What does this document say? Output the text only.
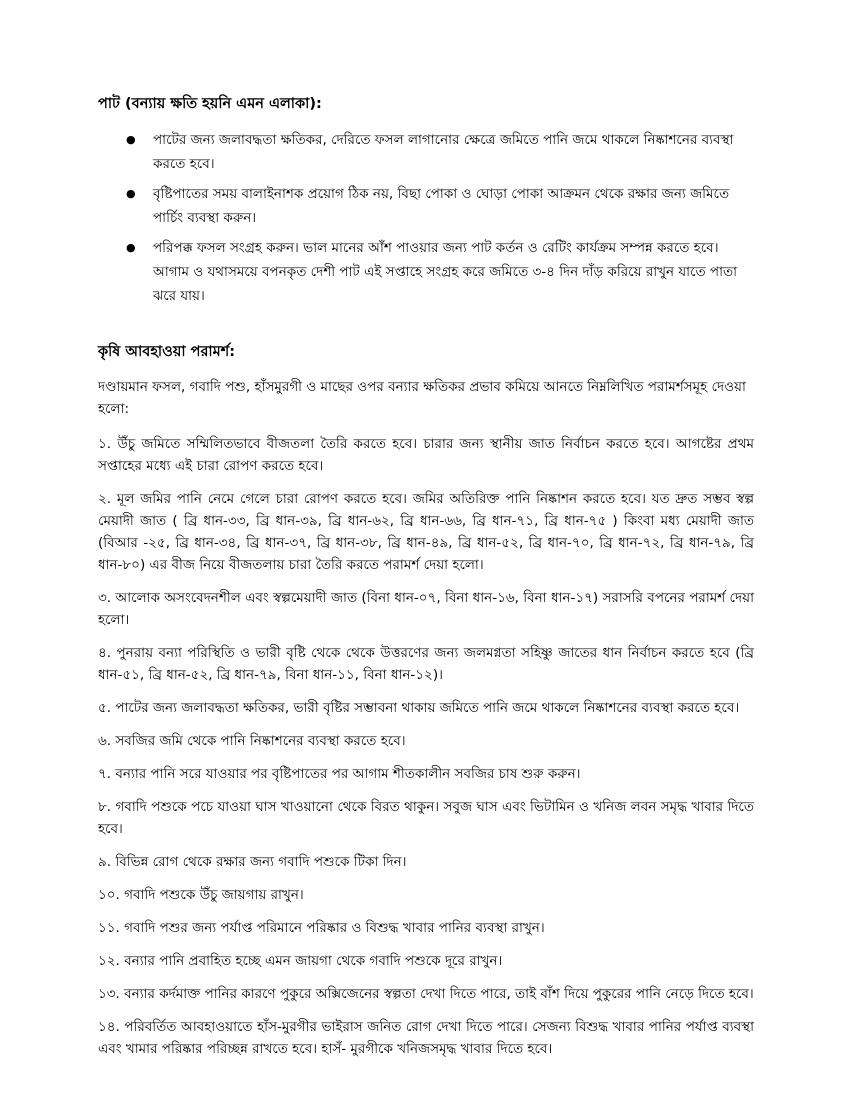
পাট (বন্যায় ক্ষতি হয়নি এমন এলাকা):
● পাটের জন্য জলাবদ্ধতা ক্ষতিকর, দেরিতে ফসল লাগানোর ক্ষেত্রে জমিতে পানি জমে থাকলে নিষ্কাশনের ব্যবস্থা করতে হবে।
● বৃষ্টিপাতের সময় বালাইনাশক প্রয়োগ ঠিক নয়, বিছা পোকা ও ঘোড়া পোকা আক্রমন থেকে রক্ষার জন্য জমিতে পার্চিং ব্যবস্থা করুন।
● পরিপক্ক ফসল সংগ্রহ করুন। ভাল মানের আঁশ পাওয়ার জন্য পাট কর্তন ও রেটিং কার্যক্রম সম্পন্ন করতে হবে। আগাম ও যথাসময়ে বপনকৃত দেশী পাট এই সপ্তাহে সংগ্রহ করে জমিতে ৩-৪ দিন দাঁড় করিয়ে রাখুন যাতে পাতা ঝরে যায়।
কৃষি আবহাওয়া পরামর্শ:

দণ্ডায়মান ফসল, গবাদি পশু, হাঁসমুরগী ও মাছের ওপর বন্যার ক্ষতিকর প্রভাব কমিয়ে আনতে নিম্নলিখিত পরামর্শসমূহ দেওয়া হলো:

১. উঁচু জমিতে সম্মিলিতভাবে বীজতলা তৈরি করতে হবে। চারার জন্য স্থানীয় জাত নির্বাচন করতে হবে। আগষ্টের প্রথম সপ্তাহের মধ্যে এই চারা রোপণ করতে হবে।

২. মূল জমির পানি নেমে গেলে চারা রোপণ করতে হবে। জমির অতিরিক্ত পানি নিষ্কাশন করতে হবে। যত দ্রুত সম্ভব স্বল্প মেয়াদী জাত ( ব্রি ধান-৩৩, ব্রি ধান-৩৯, ব্রি ধান-৬২, ব্রি ধান-৬৬, ব্রি ধান-৭১, ব্রি ধান-৭৫ ) কিংবা মধ্য মেয়াদী জাত (বিআর -২৫, ব্রি ধান-৩৪, ব্রি ধান-৩৭, ব্রি ধান-৩৮, ব্রি ধান-৪৯, ব্রি ধান-৫২, ব্রি ধান-৭০, ব্রি ধান-৭২, ব্রি ধান-৭৯, ব্রি ধান-৮০) এর বীজ নিয়ে বীজতলায় চারা তৈরি করতে পরামর্শ দেয়া হলো।

৩. আলোক অসংবেদনশীল এবং স্বল্পমেয়াদী জাত (বিনা ধান-০৭, বিনা ধান-১৬, বিনা ধান-১৭) সরাসরি বপনের পরামর্শ দেয়া হলো।

৪. পুনরায় বন্যা পরিস্থিতি ও ভারী বৃষ্টি থেকে থেকে উত্তরণের জন্য জলমগ্নতা সহিষ্ণু জাতের ধান নির্বাচন করতে হবে (ব্রি ধান-৫১, ব্রি ধান-৫২, ব্রি ধান-৭৯, বিনা ধান-১১, বিনা ধান-১২)।

৫. পাটের জন্য জলাবদ্ধতা ক্ষতিকর, ভারী বৃষ্টির সম্ভাবনা থাকায় জমিতে পানি জমে থাকলে নিষ্কাশনের ব্যবস্থা করতে হবে।

৬. সবজির জমি থেকে পানি নিষ্কাশনের ব্যবস্থা করতে হবে।

৭. বন্যার পানি সরে যাওয়ার পর বৃষ্টিপাতের পর আগাম শীতকালীন সবজির চাষ শুরু করুন।

৮. গবাদি পশুকে পচে যাওয়া ঘাস খাওয়ানো থেকে বিরত থাকুন। সবুজ ঘাস এবং ভিটামিন ও খনিজ লবন সমৃদ্ধ খাবার দিতে হবে।

৯. বিভিন্ন রোগ থেকে রক্ষার জন্য গবাদি পশুকে টিকা দিন।

১০. গবাদি পশুকে উঁচু জায়গায় রাখুন।

১১. গবাদি পশুর জন্য পর্যাপ্ত পরিমানে পরিষ্কার ও বিশুদ্ধ খাবার পানির ব্যবস্থা রাখুন।

১২. বন্যার পানি প্রবাহিত হচ্ছে এমন জায়গা থেকে গবাদি পশুকে দূরে রাখুন।

১৩. বন্যার কর্দমাক্ত পানির কারণে পুকুরে অক্সিজেনের স্বল্পতা দেখা দিতে পারে, তাই বাঁশ দিয়ে পুকুরের পানি নেড়ে দিতে হবে।

১৪. পরিবর্তিত আবহাওয়াতে হাঁস-মুরগীর ভাইরাস জনিত রোগ দেখা দিতে পারে। সেজন্য বিশুদ্ধ খাবার পানির পর্যাপ্ত ব্যবস্থা এবং খামার পরিষ্কার পরিচ্ছন্ন রাখতে হবে। হাসঁ- মুরগীকে খনিজসমৃদ্ধ খাবার দিতে হবে।
